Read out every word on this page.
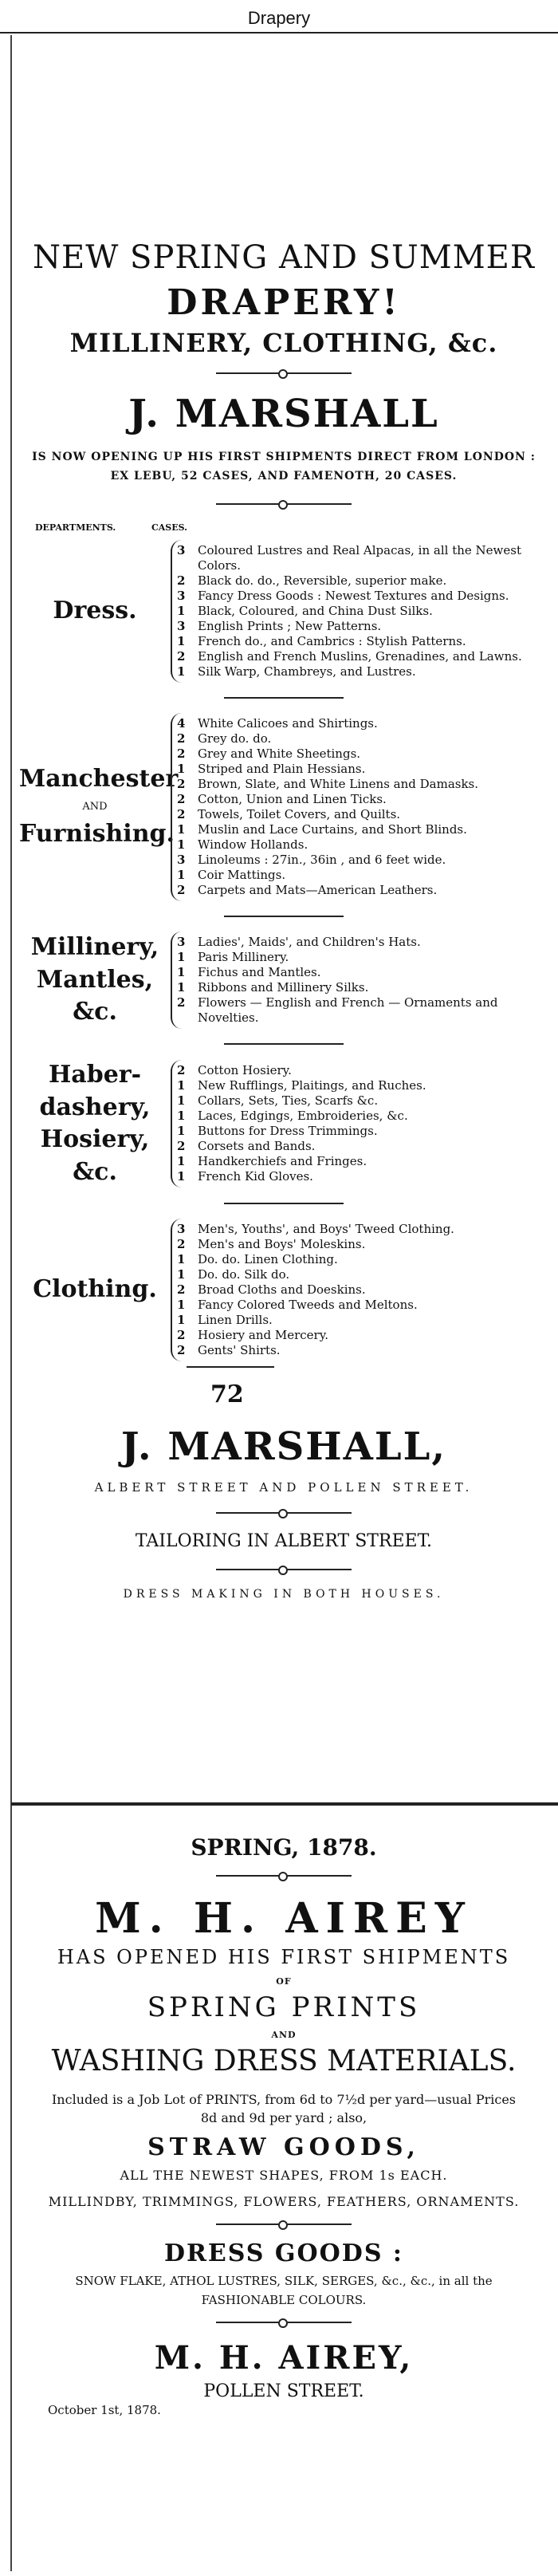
Drapery
NEW SPRING AND SUMMER
DRAPERY!
MILLINERY, CLOTHING, &c.
J. MARSHALL
IS NOW OPENING UP HIS FIRST SHIPMENTS DIRECT FROM LONDON :
EX LEBU, 52 CASES, AND FAMENOTH, 20 CASES.
DEPARTMENTS.	CASES.
Dress.
3	Coloured Lustres and Real Alpacas, in all the Newest Colors.
2	Black do. do., Reversible, superior make.
3	Fancy Dress Goods : Newest Textures and Designs.
1	Black, Coloured, and China Dust Silks.
3	English Prints ; New Patterns.
1	French do., and Cambrics : Stylish Patterns.
2	English and French Muslins, Grenadines, and Lawns.
1	Silk Warp, Chambreys, and Lustres.
Manchester
AND
Furnishing.
4	White Calicoes and Shirtings.
2	Grey do. do.
2	Grey and White Sheetings.
1	Striped and Plain Hessians.
2	Brown, Slate, and White Linens and Damasks.
2	Cotton, Union and Linen Ticks.
2	Towels, Toilet Covers, and Quilts.
1	Muslin and Lace Curtains, and Short Blinds.
1	Window Hollands.
3	Linoleums : 27in., 36in , and 6 feet wide.
1	Coir Mattings.
2	Carpets and Mats—American Leathers.
Millinery,
Mantles,
&c.
3	Ladies', Maids', and Children's Hats.
1	Paris Millinery.
1	Fichus and Mantles.
1	Ribbons and Millinery Silks.
2	Flowers — English and French — Ornaments and Novelties.
Haber-
dashery,
Hosiery,
&c.
2	Cotton Hosiery.
1	New Rufflings, Plaitings, and Ruches.
1	Collars, Sets, Ties, Scarfs &c.
1	Laces, Edgings, Embroideries, &c.
1	Buttons for Dress Trimmings.
2	Corsets and Bands.
1	Handkerchiefs and Fringes.
1	French Kid Gloves.
Clothing.
3	Men's, Youths', and Boys' Tweed Clothing.
2	Men's and Boys' Moleskins.
1	Do. do. Linen Clothing.
1	Do. do. Silk do.
2	Broad Cloths and Doeskins.
1	Fancy Colored Tweeds and Meltons.
1	Linen Drills.
2	Hosiery and Mercery.
2	Gents' Shirts.
72
J. MARSHALL,
ALBERT STREET AND POLLEN STREET.
TAILORING IN ALBERT STREET.
DRESS MAKING IN BOTH HOUSES.
SPRING, 1878.
M. H. AIREY
HAS OPENED HIS FIRST SHIPMENTS
OF
SPRING PRINTS
AND
WASHING DRESS MATERIALS.
Included is a Job Lot of PRINTS, from 6d to 7½d per yard—usual Prices
8d and 9d per yard ; also,
STRAW GOODS,
ALL THE NEWEST SHAPES, FROM 1s EACH.
MILLINDBY, TRIMMINGS, FLOWERS, FEATHERS, ORNAMENTS.
DRESS GOODS :
SNOW FLAKE, ATHOL LUSTRES, SILK, SERGES, &c., &c., in all the
FASHIONABLE COLOURS.
M. H. AIREY,
POLLEN STREET.
October 1st, 1878.
